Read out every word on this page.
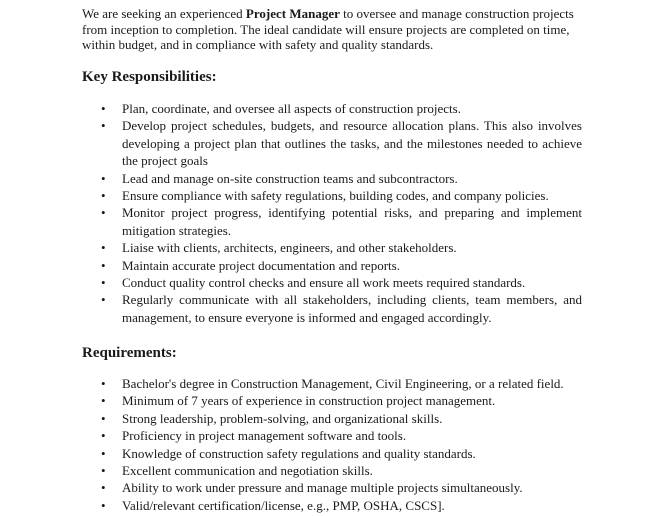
We are seeking an experienced Project Manager to oversee and manage construction projects from inception to completion. The ideal candidate will ensure projects are completed on time, within budget, and in compliance with safety and quality standards.

Key Responsibilities:
• Plan, coordinate, and oversee all aspects of construction projects.
• Develop project schedules, budgets, and resource allocation plans. This also involves developing a project plan that outlines the tasks, and the milestones needed to achieve the project goals
• Lead and manage on-site construction teams and subcontractors.
• Ensure compliance with safety regulations, building codes, and company policies.
• Monitor project progress, identifying potential risks, and preparing and implement mitigation strategies.
• Liaise with clients, architects, engineers, and other stakeholders.
• Maintain accurate project documentation and reports.
• Conduct quality control checks and ensure all work meets required standards.
• Regularly communicate with all stakeholders, including clients, team members, and management, to ensure everyone is informed and engaged accordingly.
Requirements:
• Bachelor's degree in Construction Management, Civil Engineering, or a related field.
• Minimum of 7 years of experience in construction project management.
• Strong leadership, problem-solving, and organizational skills.
• Proficiency in project management software and tools.
• Knowledge of construction safety regulations and quality standards.
• Excellent communication and negotiation skills.
• Ability to work under pressure and manage multiple projects simultaneously.
• Valid/relevant certification/license, e.g., PMP, OSHA, CSCS].
